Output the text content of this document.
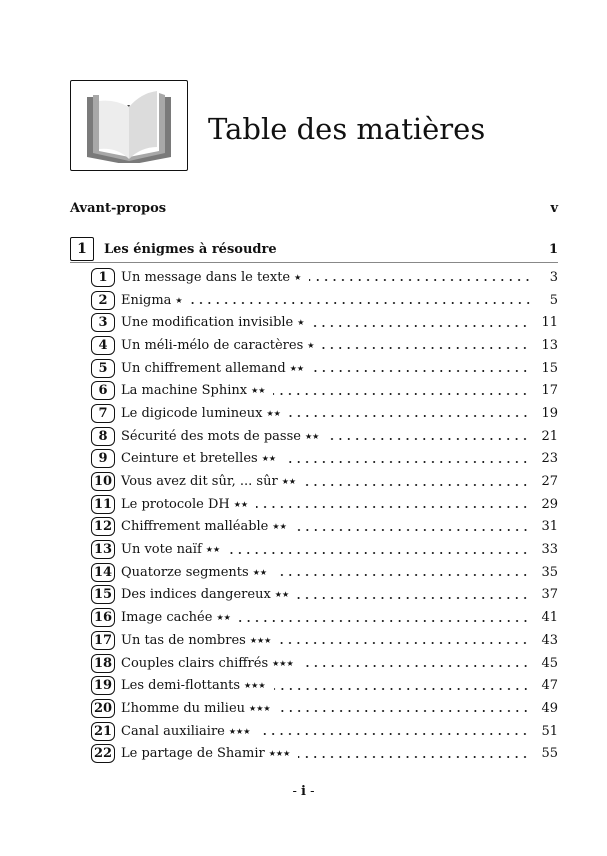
Table des matières
Avant-propos	v
1	Les énigmes à résoudre	1
1	Un message dans le texte ★	3
2	Enigma ★	5
3	Une modification invisible ★	11
4	Un méli-mélo de caractères ★	13
5	Un chiffrement allemand ★★	15
6	La machine Sphinx ★★	17
7	Le digicode lumineux ★★	19
8	Sécurité des mots de passe ★★	21
9	Ceinture et bretelles ★★	23
10 Vous avez dit sûr, ... sûr ★★	27
11 Le protocole DH ★★	29
12 Chiffrement malléable ★★	31
13 Un vote naïf ★★	33
14 Quatorze segments ★★	35
15 Des indices dangereux ★★	37
16 Image cachée ★★	41
17 Un tas de nombres ★★★	43
18 Couples clairs chiffrés ★★★	45
19 Les demi-flottants ★★★	47
20 L’homme du milieu ★★★	49
21 Canal auxiliaire ★★★	51
22 Le partage de Shamir ★★★	55
- i -
